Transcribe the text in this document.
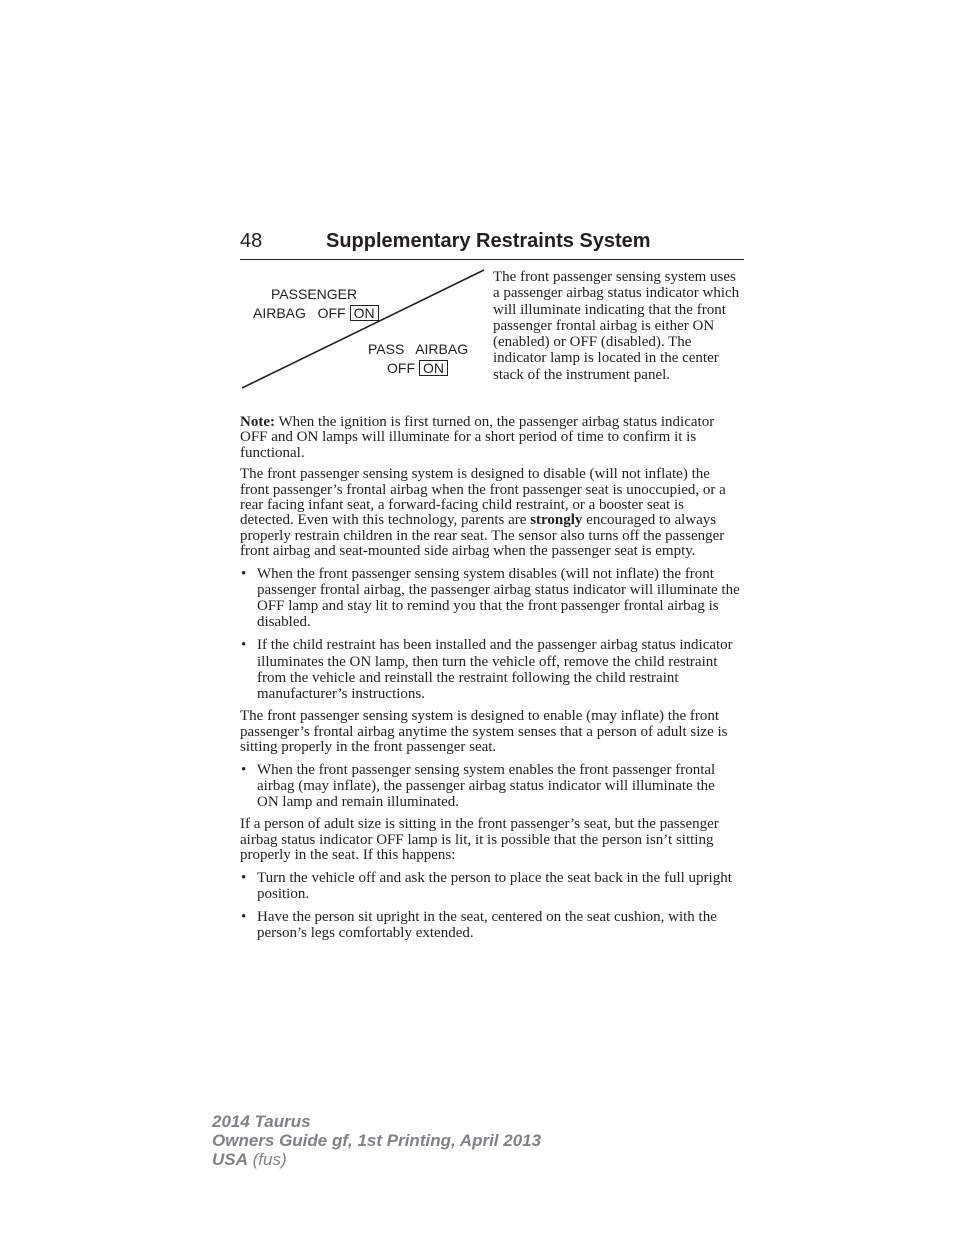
48	Supplementary Restraints System
PASSENGER
AIRBAG   OFF ON
PASS   AIRBAG
OFF ON
The front passenger sensing system uses a passenger airbag status indicator which will illuminate indicating that the front passenger frontal airbag is either ON (enabled) or OFF (disabled). The indicator lamp is located in the center stack of the instrument panel.

Note: When the ignition is first turned on, the passenger airbag status indicator OFF and ON lamps will illuminate for a short period of time to confirm it is functional.

The front passenger sensing system is designed to disable (will not inflate) the front passenger’s frontal airbag when the front passenger seat is unoccupied, or a rear facing infant seat, a forward-facing child restraint, or a booster seat is detected. Even with this technology, parents are strongly encouraged to always properly restrain children in the rear seat. The sensor also turns off the passenger front airbag and seat-mounted side airbag when the passenger seat is empty.

• When the front passenger sensing system disables (will not inflate) the front passenger frontal airbag, the passenger airbag status indicator will illuminate the OFF lamp and stay lit to remind you that the front passenger frontal airbag is disabled.
• If the child restraint has been installed and the passenger airbag status indicator illuminates the ON lamp, then turn the vehicle off, remove the child restraint from the vehicle and reinstall the restraint following the child restraint manufacturer’s instructions.

The front passenger sensing system is designed to enable (may inflate) the front passenger’s frontal airbag anytime the system senses that a person of adult size is sitting properly in the front passenger seat.

• When the front passenger sensing system enables the front passenger frontal airbag (may inflate), the passenger airbag status indicator will illuminate the ON lamp and remain illuminated.

If a person of adult size is sitting in the front passenger’s seat, but the passenger airbag status indicator OFF lamp is lit, it is possible that the person isn’t sitting properly in the seat. If this happens:

• Turn the vehicle off and ask the person to place the seat back in the full upright position.
• Have the person sit upright in the seat, centered on the seat cushion, with the person’s legs comfortably extended.
2014 Taurus
Owners Guide gf, 1st Printing, April 2013
USA (fus)
